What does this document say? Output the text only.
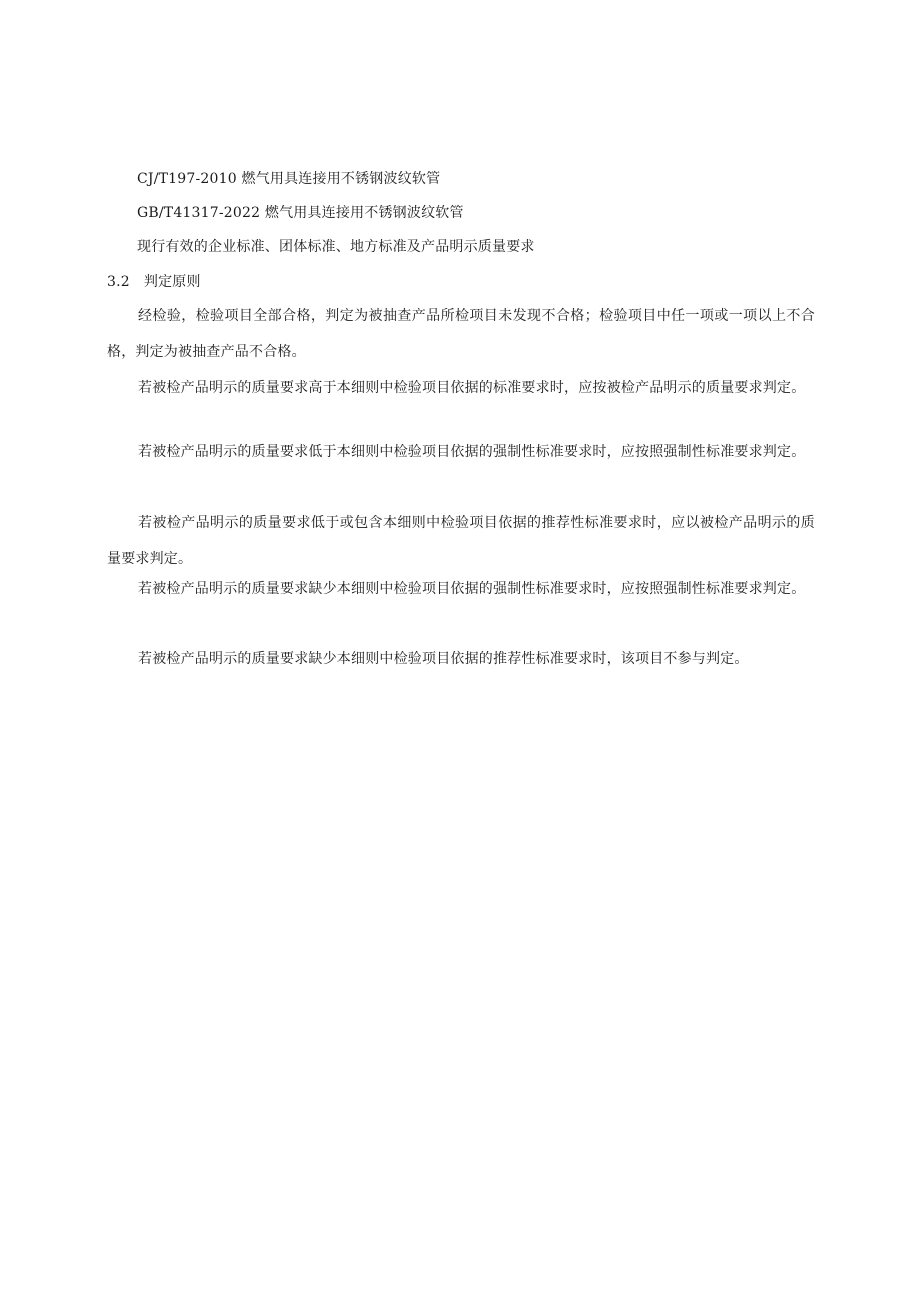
CJ/T197-2010 燃气用具连接用不锈钢波纹软管
GB/T41317-2022 燃气用具连接用不锈钢波纹软管
现行有效的企业标准、团体标准、地方标准及产品明示质量要求
3.2 判定原则
经检验，检验项目全部合格，判定为被抽查产品所检项目未发现不合格；检验项目中任一项或一项以上不合格，判定为被抽查产品不合格。
若被检产品明示的质量要求高于本细则中检验项目依据的标准要求时，应按被检产品明示的质量要求判定。
若被检产品明示的质量要求低于本细则中检验项目依据的强制性标准要求时，应按照强制性标准要求判定。
若被检产品明示的质量要求低于或包含本细则中检验项目依据的推荐性标准要求时，应以被检产品明示的质量要求判定。
若被检产品明示的质量要求缺少本细则中检验项目依据的强制性标准要求时，应按照强制性标准要求判定。
若被检产品明示的质量要求缺少本细则中检验项目依据的推荐性标准要求时，该项目不参与判定。
